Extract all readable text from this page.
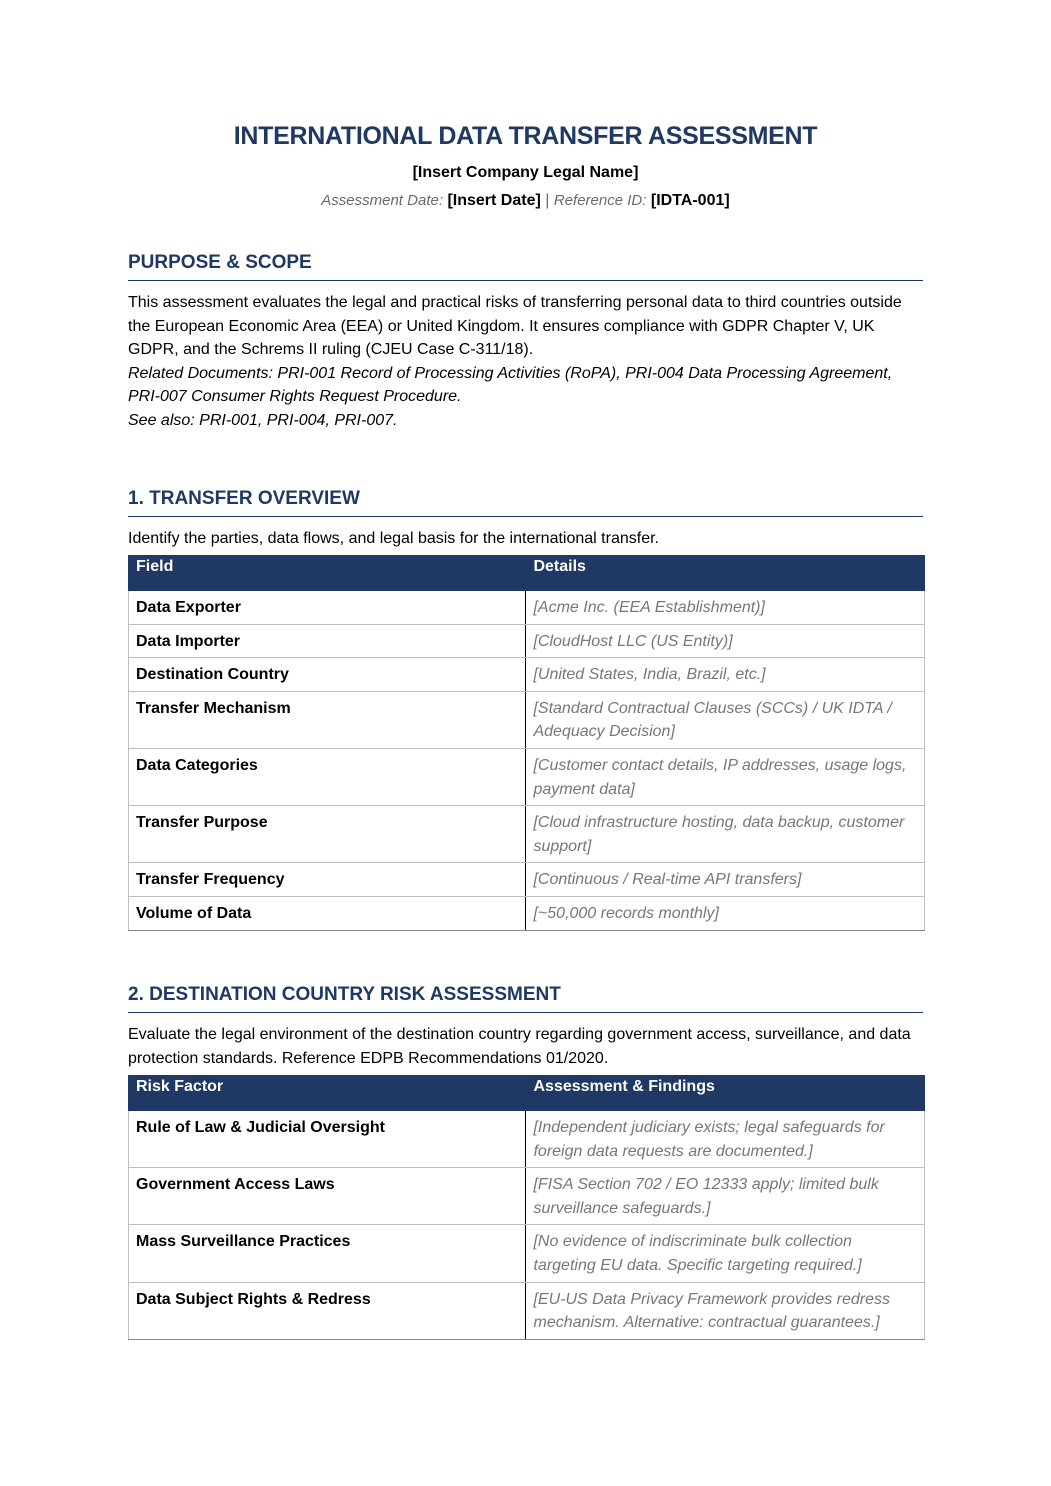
INTERNATIONAL DATA TRANSFER ASSESSMENT
[Insert Company Legal Name]
Assessment Date: [Insert Date] | Reference ID: [IDTA-001]
PURPOSE & SCOPE
This assessment evaluates the legal and practical risks of transferring personal data to third countries outside the European Economic Area (EEA) or United Kingdom. It ensures compliance with GDPR Chapter V, UK GDPR, and the Schrems II ruling (CJEU Case C-311/18).
Related Documents: PRI-001 Record of Processing Activities (RoPA), PRI-004 Data Processing Agreement, PRI-007 Consumer Rights Request Procedure.
See also: PRI-001, PRI-004, PRI-007.
1. TRANSFER OVERVIEW
Identify the parties, data flows, and legal basis for the international transfer.
Field	Details
Data Exporter	[Acme Inc. (EEA Establishment)]
Data Importer	[CloudHost LLC (US Entity)]
Destination Country	[United States, India, Brazil, etc.]
Transfer Mechanism	[Standard Contractual Clauses (SCCs) / UK IDTA / Adequacy Decision]
Data Categories	[Customer contact details, IP addresses, usage logs, payment data]
Transfer Purpose	[Cloud infrastructure hosting, data backup, customer support]
Transfer Frequency	[Continuous / Real-time API transfers]
Volume of Data	[~50,000 records monthly]
2. DESTINATION COUNTRY RISK ASSESSMENT
Evaluate the legal environment of the destination country regarding government access, surveillance, and data protection standards. Reference EDPB Recommendations 01/2020.
Risk Factor	Assessment & Findings
Rule of Law & Judicial Oversight	[Independent judiciary exists; legal safeguards for foreign data requests are documented.]
Government Access Laws	[FISA Section 702 / EO 12333 apply; limited bulk surveillance safeguards.]
Mass Surveillance Practices	[No evidence of indiscriminate bulk collection targeting EU data. Specific targeting required.]
Data Subject Rights & Redress	[EU-US Data Privacy Framework provides redress mechanism. Alternative: contractual guarantees.]
